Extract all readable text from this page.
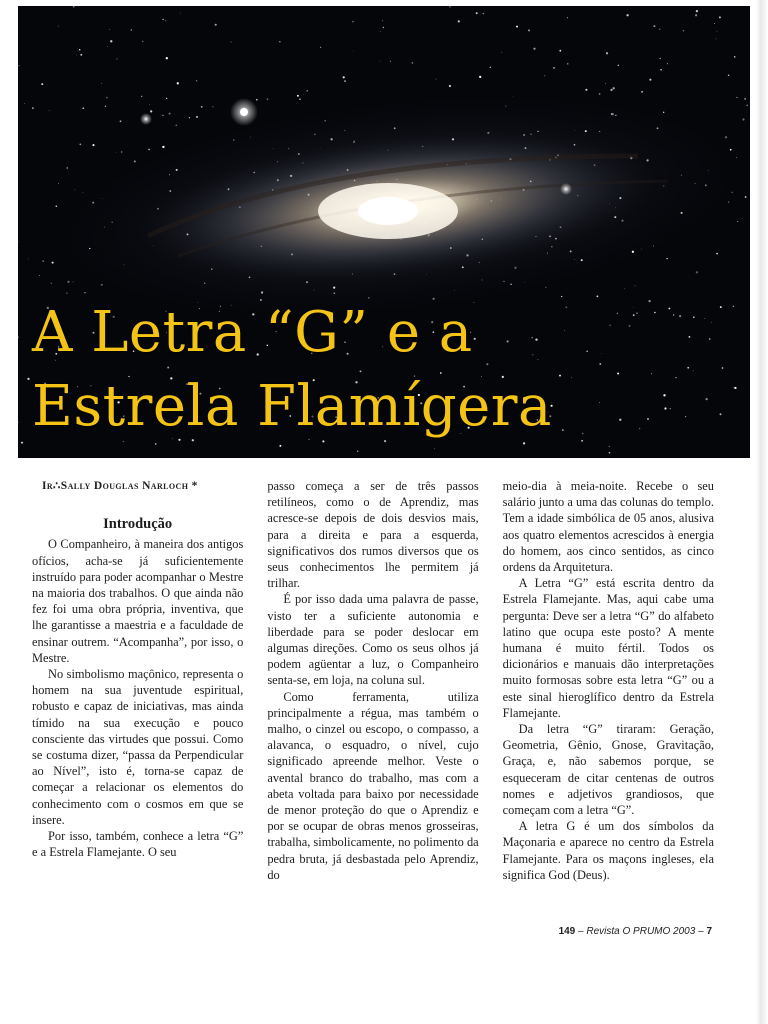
A Letra “G” e a
Estrela Flamígera
Ir∴Sally Douglas Narloch *
Introdução

O Companheiro, à maneira dos antigos ofícios, acha-se já suficientemente instruído para poder acompanhar o Mestre na maioria dos trabalhos. O que ainda não fez foi uma obra própria, inventiva, que lhe garantisse a maestria e a faculdade de ensinar outrem. “Acompanha”, por isso, o Mestre.

No simbolismo maçônico, representa o homem na sua juventude espiritual, robusto e capaz de iniciativas, mas ainda tímido na sua execução e pouco consciente das virtudes que possui. Como se costuma dizer, “passa da Perpendicular ao Nível”, isto é, torna-se capaz de começar a relacionar os elementos do conhecimento com o cosmos em que se insere.

Por isso, também, conhece a letra “G” e a Estrela Flamejante. O seu

passo começa a ser de três passos retilíneos, como o de Aprendiz, mas acresce-se depois de dois desvios mais, para a direita e para a esquerda, significativos dos rumos diversos que os seus conhecimentos lhe permitem já trilhar.

É por isso dada uma palavra de passe, visto ter a suficiente autonomia e liberdade para se poder deslocar em algumas direções. Como os seus olhos já podem agüentar a luz, o Companheiro senta-se, em loja, na coluna sul.

Como ferramenta, utiliza principalmente a régua, mas também o malho, o cinzel ou escopo, o compasso, a alavanca, o esquadro, o nível, cujo significado apreende melhor. Veste o avental branco do trabalho, mas com a abeta voltada para baixo por necessidade de menor proteção do que o Aprendiz e por se ocupar de obras menos grosseiras, trabalha, simbolicamente, no polimento da pedra bruta, já desbastada pelo Aprendiz, do

meio-dia à meia-noite. Recebe o seu salário junto a uma das colunas do templo. Tem a idade simbólica de 05 anos, alusiva aos quatro elementos acrescidos à energia do homem, aos cinco sentidos, as cinco ordens da Arquitetura.

A Letra “G” está escrita dentro da Estrela Flamejante. Mas, aqui cabe uma pergunta: Deve ser a letra “G” do alfabeto latino que ocupa este posto? A mente humana é muito fértil. Todos os dicionários e manuais dão interpretações muito formosas sobre esta letra “G” ou a este sinal hieroglífico dentro da Estrela Flamejante.

Da letra “G” tiraram: Geração, Geometria, Gênio, Gnose, Gravitação, Graça, e, não sabemos porque, se esqueceram de citar centenas de outros nomes e adjetivos grandiosos, que começam com a letra “G”.

A letra G é um dos símbolos da Maçonaria e aparece no centro da Estrela Flamejante. Para os maçons ingleses, ela significa God (Deus).

149 – Revista O PRUMO 2003 – 7
